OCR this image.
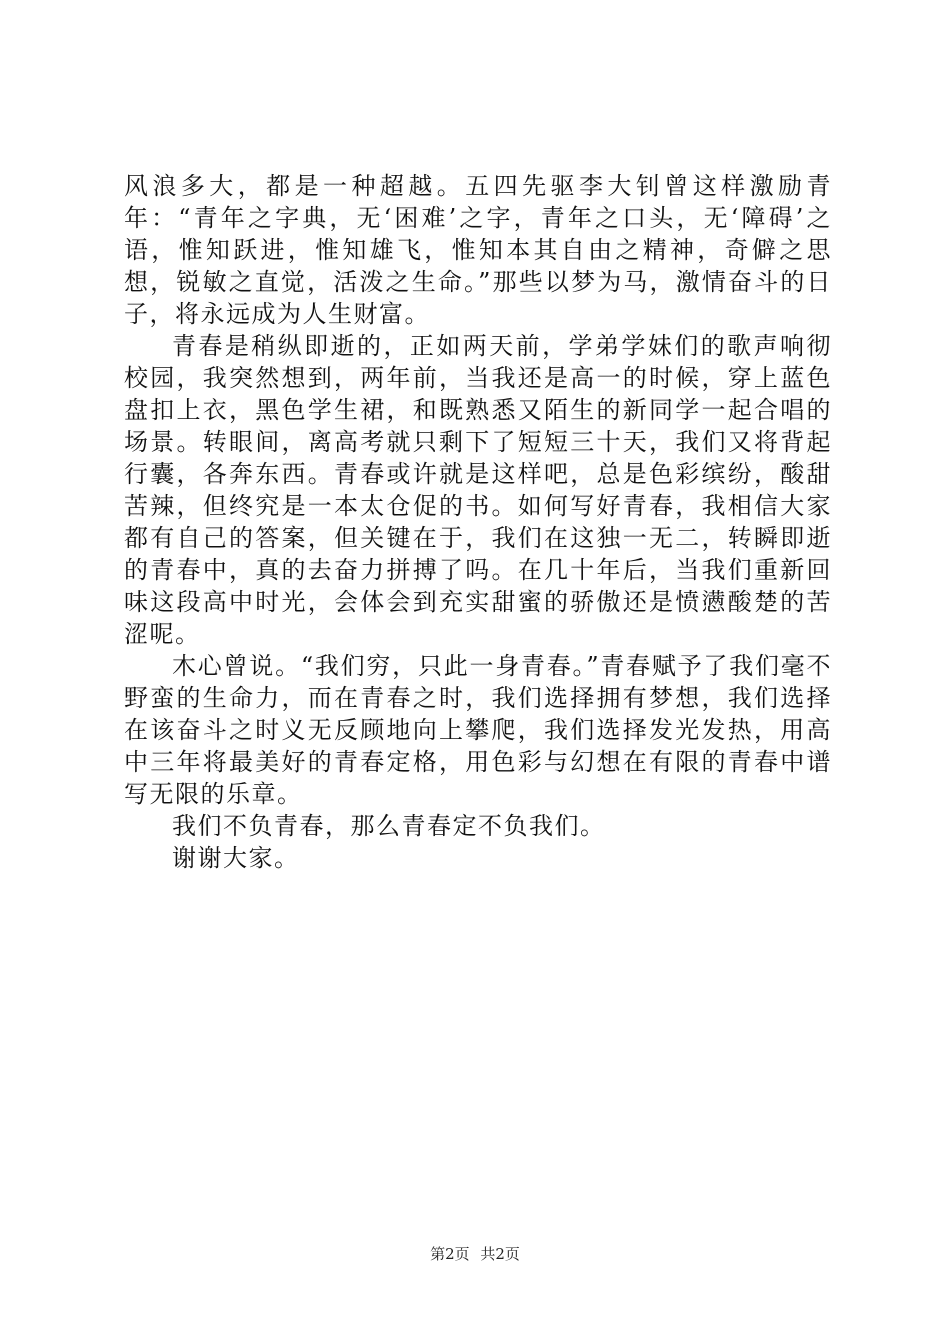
风浪多大，都是一种超越。五四先驱李大钊曾这样激励青年：“青年之字典，无‘困难’之字，青年之口头，无‘障碍’之语，惟知跃进，惟知雄飞，惟知本其自由之精神，奇僻之思想，锐敏之直觉，活泼之生命。”那些以梦为马，激情奋斗的日子，将永远成为人生财富。

青春是稍纵即逝的，正如两天前，学弟学妹们的歌声响彻校园，我突然想到，两年前，当我还是高一的时候，穿上蓝色盘扣上衣，黑色学生裙，和既熟悉又陌生的新同学一起合唱的场景。转眼间，离高考就只剩下了短短三十天，我们又将背起行囊，各奔东西。青春或许就是这样吧，总是色彩缤纷，酸甜苦辣，但终究是一本太仓促的书。如何写好青春，我相信大家都有自己的答案，但关键在于，我们在这独一无二，转瞬即逝的青春中，真的去奋力拼搏了吗。在几十年后，当我们重新回味这段高中时光，会体会到充实甜蜜的骄傲还是愤懑酸楚的苦涩呢。

木心曾说。“我们穷，只此一身青春。”青春赋予了我们毫不野蛮的生命力，而在青春之时，我们选择拥有梦想，我们选择在该奋斗之时义无反顾地向上攀爬，我们选择发光发热，用高中三年将最美好的青春定格，用色彩与幻想在有限的青春中谱写无限的乐章。

我们不负青春，那么青春定不负我们。

谢谢大家。

第2页 共2页
